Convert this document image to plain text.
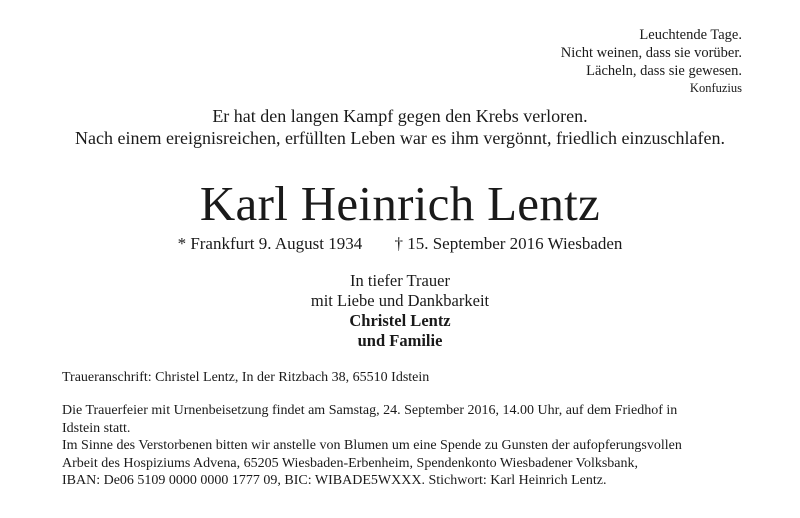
Leuchtende Tage.
Nicht weinen, dass sie vorüber.
Lächeln, dass sie gewesen.
Konfuzius
Er hat den langen Kampf gegen den Krebs verloren.
Nach einem ereignisreichen, erfüllten Leben war es ihm vergönnt, friedlich einzuschlafen.
Karl Heinrich Lentz
* Frankfurt 9. August 1934 † 15. September 2016 Wiesbaden
In tiefer Trauer
mit Liebe und Dankbarkeit
Christel Lentz
und Familie
Traueranschrift: Christel Lentz, In der Ritzbach 38, 65510 Idstein
Die Trauerfeier mit Urnenbeisetzung findet am Samstag, 24. September 2016, 14.00 Uhr, auf dem Friedhof in
Idstein statt.
Im Sinne des Verstorbenen bitten wir anstelle von Blumen um eine Spende zu Gunsten der aufopferungsvollen
Arbeit des Hospiziums Advena, 65205 Wiesbaden-Erbenheim, Spendenkonto Wiesbadener Volksbank,
IBAN: De06 5109 0000 0000 1777 09, BIC: WIBADE5WXXX. Stichwort: Karl Heinrich Lentz.
